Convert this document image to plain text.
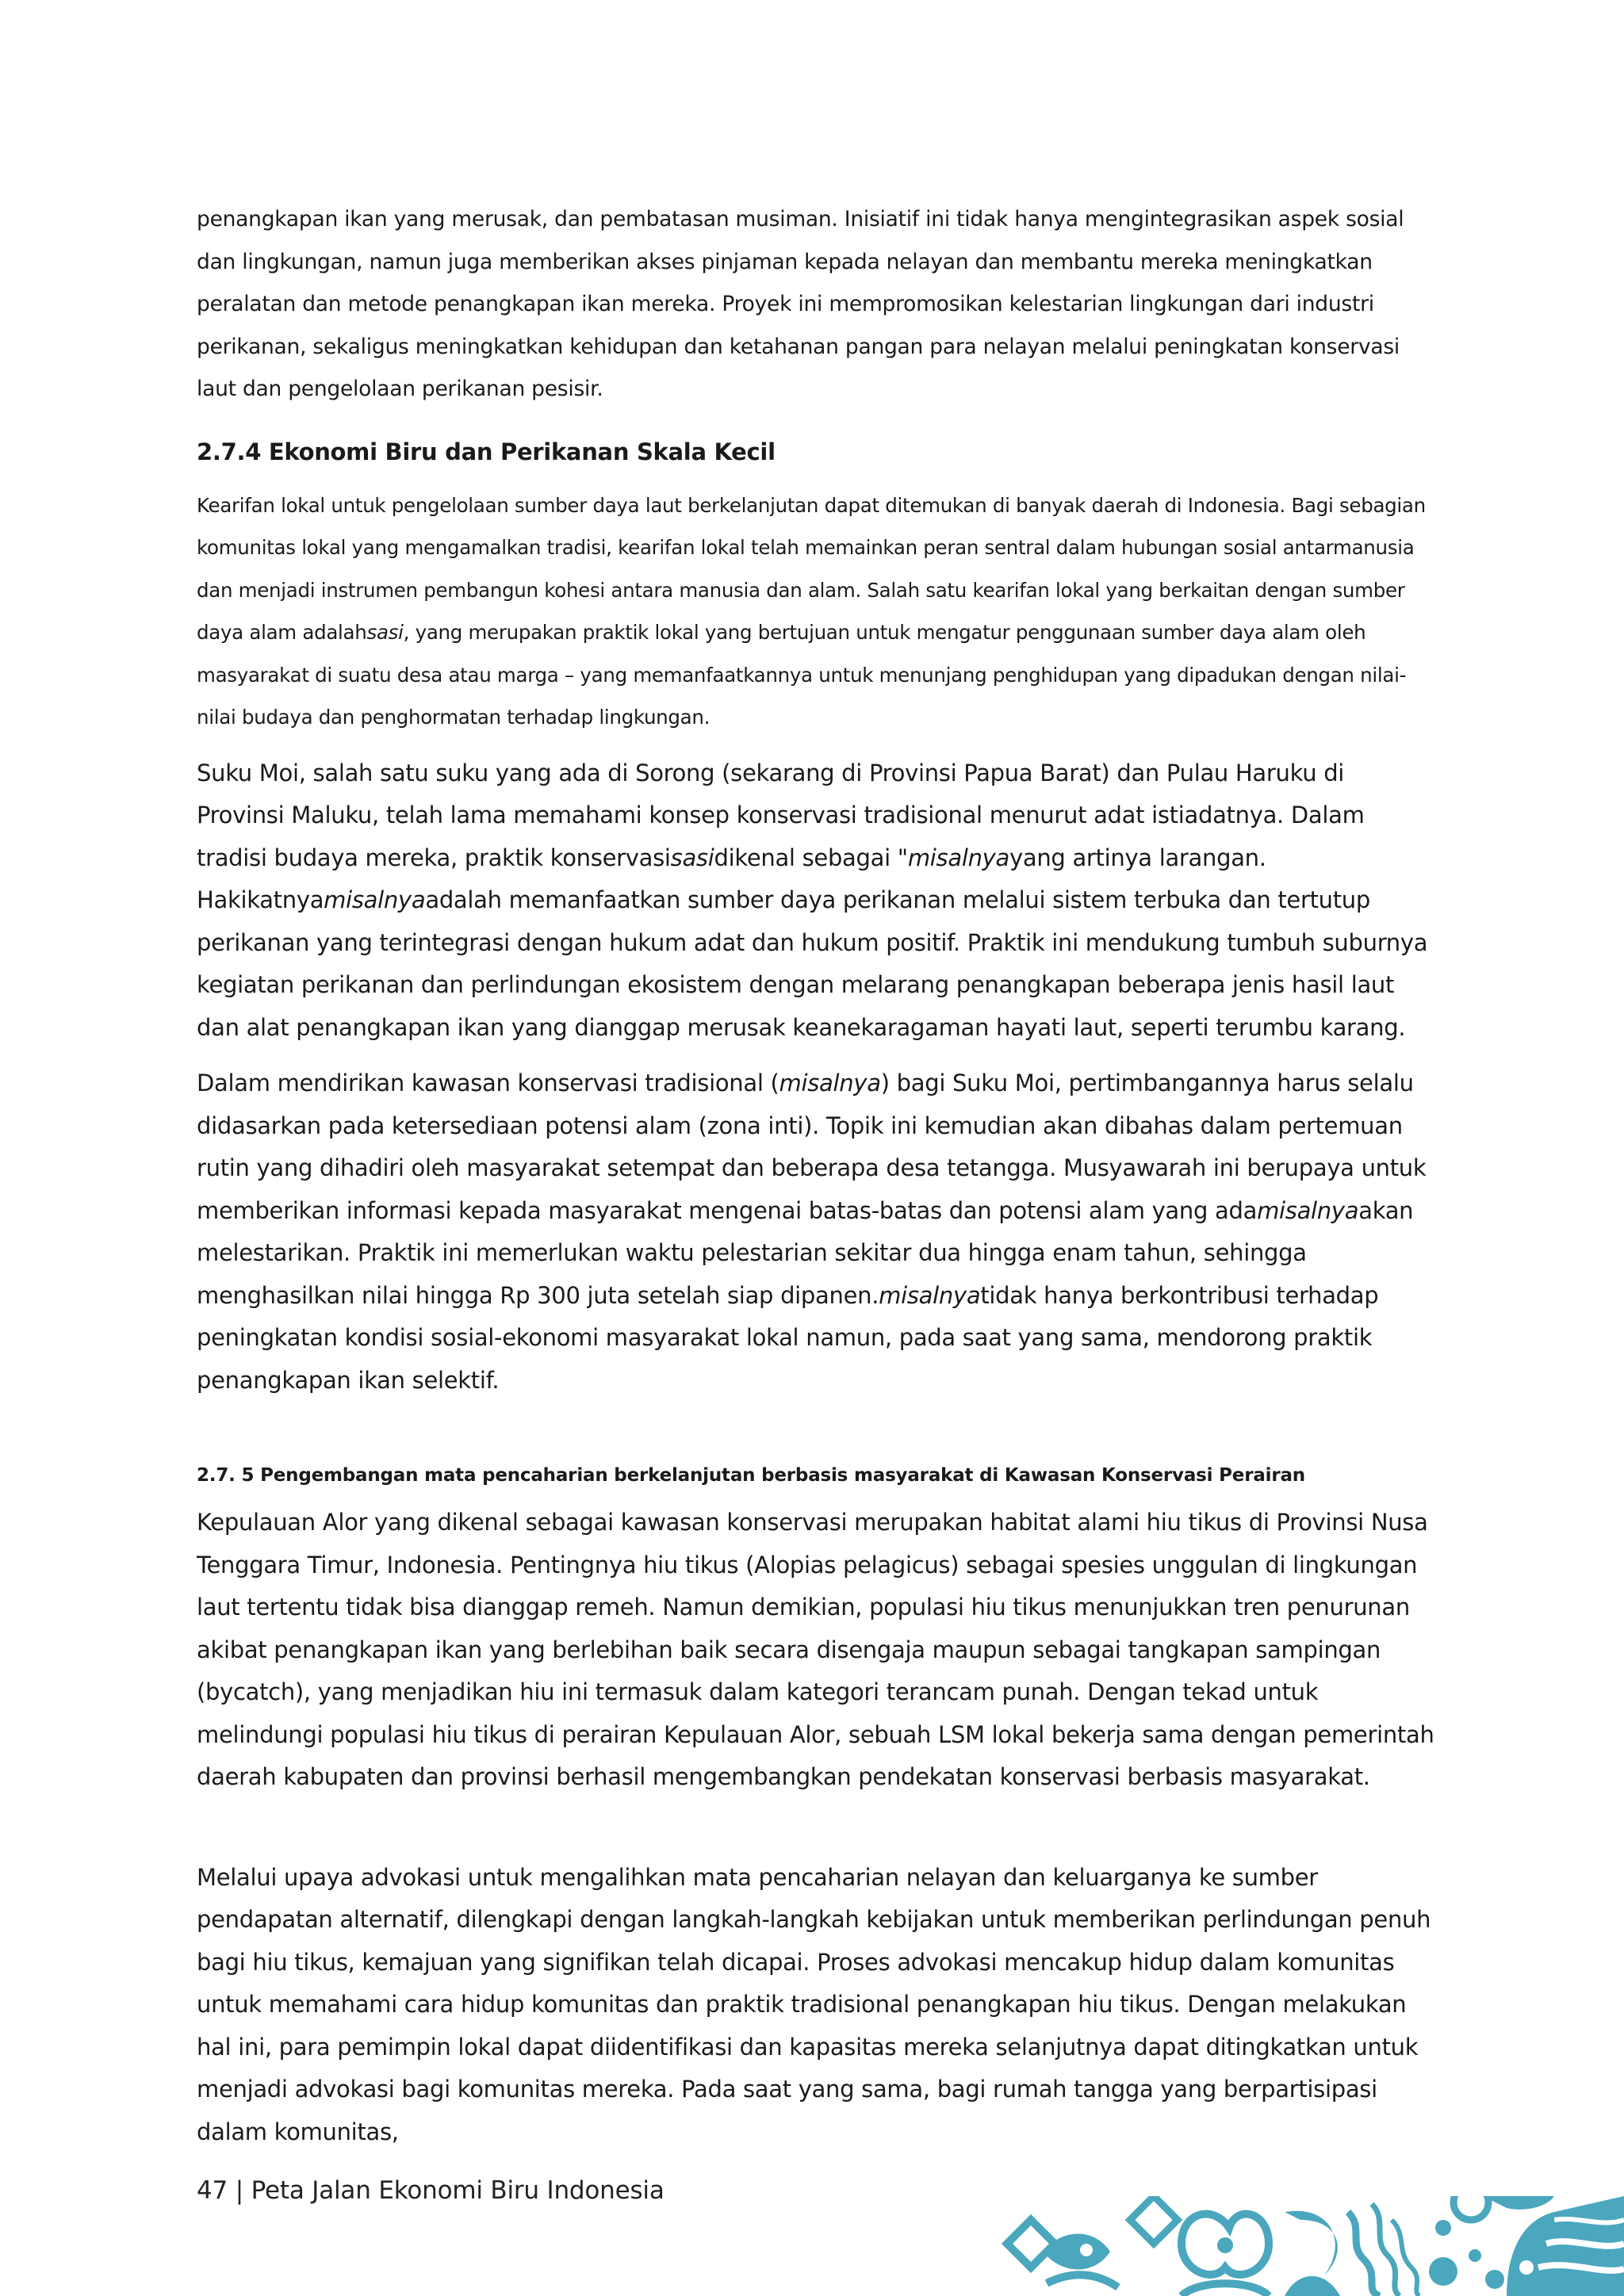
penangkapan ikan yang merusak, dan pembatasan musiman. Inisiatif ini tidak hanya mengintegrasikan aspek sosial dan lingkungan, namun juga memberikan akses pinjaman kepada nelayan dan membantu mereka meningkatkan peralatan dan metode penangkapan ikan mereka. Proyek ini mempromosikan kelestarian lingkungan dari industri perikanan, sekaligus meningkatkan kehidupan dan ketahanan pangan para nelayan melalui peningkatan konservasi laut dan pengelolaan perikanan pesisir.

2.7.4 Ekonomi Biru dan Perikanan Skala Kecil

Kearifan lokal untuk pengelolaan sumber daya laut berkelanjutan dapat ditemukan di banyak daerah di Indonesia. Bagi sebagian komunitas lokal yang mengamalkan tradisi, kearifan lokal telah memainkan peran sentral dalam hubungan sosial antarmanusia dan menjadi instrumen pembangun kohesi antara manusia dan alam. Salah satu kearifan lokal yang berkaitan dengan sumber daya alam adalahsasi, yang merupakan praktik lokal yang bertujuan untuk mengatur penggunaan sumber daya alam oleh masyarakat di suatu desa atau marga – yang memanfaatkannya untuk menunjang penghidupan yang dipadukan dengan nilai-nilai budaya dan penghormatan terhadap lingkungan.

Suku Moi, salah satu suku yang ada di Sorong (sekarang di Provinsi Papua Barat) dan Pulau Haruku di Provinsi Maluku, telah lama memahami konsep konservasi tradisional menurut adat istiadatnya. Dalam tradisi budaya mereka, praktik konservasisasidikenal sebagai "misalnyayang artinya larangan. Hakikatnyamisalnyaadalah memanfaatkan sumber daya perikanan melalui sistem terbuka dan tertutup perikanan yang terintegrasi dengan hukum adat dan hukum positif. Praktik ini mendukung tumbuh suburnya kegiatan perikanan dan perlindungan ekosistem dengan melarang penangkapan beberapa jenis hasil laut dan alat penangkapan ikan yang dianggap merusak keanekaragaman hayati laut, seperti terumbu karang.

Dalam mendirikan kawasan konservasi tradisional (misalnya) bagi Suku Moi, pertimbangannya harus selalu didasarkan pada ketersediaan potensi alam (zona inti). Topik ini kemudian akan dibahas dalam pertemuan rutin yang dihadiri oleh masyarakat setempat dan beberapa desa tetangga. Musyawarah ini berupaya untuk memberikan informasi kepada masyarakat mengenai batas-batas dan potensi alam yang adamisalnyaakan melestarikan. Praktik ini memerlukan waktu pelestarian sekitar dua hingga enam tahun, sehingga menghasilkan nilai hingga Rp 300 juta setelah siap dipanen.misalnyatidak hanya berkontribusi terhadap peningkatan kondisi sosial-ekonomi masyarakat lokal namun, pada saat yang sama, mendorong praktik penangkapan ikan selektif.

2.7. 5 Pengembangan mata pencaharian berkelanjutan berbasis masyarakat di Kawasan Konservasi Perairan

Kepulauan Alor yang dikenal sebagai kawasan konservasi merupakan habitat alami hiu tikus di Provinsi Nusa Tenggara Timur, Indonesia. Pentingnya hiu tikus (Alopias pelagicus) sebagai spesies unggulan di lingkungan laut tertentu tidak bisa dianggap remeh. Namun demikian, populasi hiu tikus menunjukkan tren penurunan akibat penangkapan ikan yang berlebihan baik secara disengaja maupun sebagai tangkapan sampingan (bycatch), yang menjadikan hiu ini termasuk dalam kategori terancam punah. Dengan tekad untuk melindungi populasi hiu tikus di perairan Kepulauan Alor, sebuah LSM lokal bekerja sama dengan pemerintah daerah kabupaten dan provinsi berhasil mengembangkan pendekatan konservasi berbasis masyarakat.

Melalui upaya advokasi untuk mengalihkan mata pencaharian nelayan dan keluarganya ke sumber pendapatan alternatif, dilengkapi dengan langkah-langkah kebijakan untuk memberikan perlindungan penuh bagi hiu tikus, kemajuan yang signifikan telah dicapai. Proses advokasi mencakup hidup dalam komunitas untuk memahami cara hidup komunitas dan praktik tradisional penangkapan hiu tikus. Dengan melakukan hal ini, para pemimpin lokal dapat diidentifikasi dan kapasitas mereka selanjutnya dapat ditingkatkan untuk menjadi advokasi bagi komunitas mereka. Pada saat yang sama, bagi rumah tangga yang berpartisipasi dalam komunitas,

47 | Peta Jalan Ekonomi Biru Indonesia
